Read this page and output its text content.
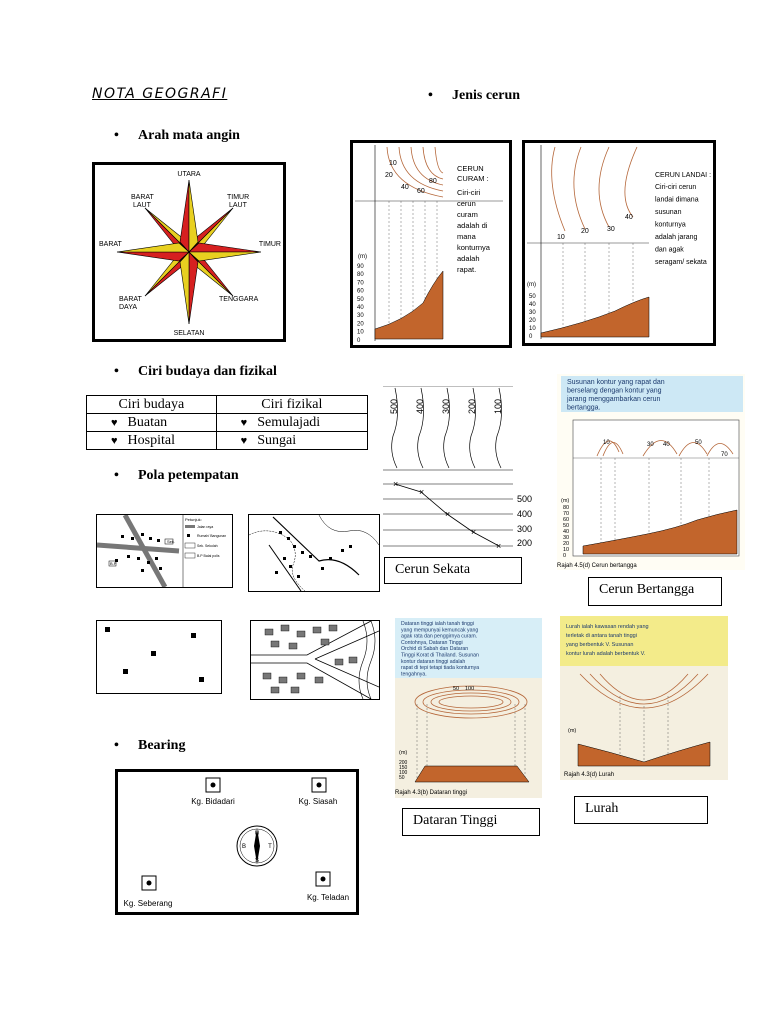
NOTA GEOGRAFI
• Arah mata angin
• Jenis cerun
• Ciri budaya dan fizikal
• Pola petempatan
• Bearing
UTARA
SELATAN
BARAT	TIMUR
BARAT
LAUT
TIMUR
LAUT
BARAT
DAYA
TENGGARA
10
20
40
60
80
(m)
90
80
70
60
50
40
30
20
10
0
CERUN
CURAM :
Ciri-ciri
cerun
curam
adalah di
mana
konturnya
adalah
rapat.
10
20	30
40
(m)
50
40
30
20
10
0
CERUN LANDAI :
Ciri-ciri cerun
landai dimana
susunan
konturnya
adalah jarang
dan agak
seragam/ sekata
Ciri budaya	Ciri fizikal
♥ Buatan	♥ Semulajadi
♥ Hospital	♥ Sungai
500 400 300 200 100
×
×
×
×
×
500
400
300
200
Cerun Sekata
Susunan kontur yang rapat dan
berselang dengan kontur yang
jarang menggambarkan cerun
bertangga.
10	30 40	50
70
(m)
80
70
60
50
40
30
20
10
0
Rajah 4.5(d) Cerun bertangga
Cerun Bertangga
Sek.
B.P
Petunjuk:
Jalan raya
Rumah/ Bangunan
Sek. Sekolah
B.P Balai polis
Dataran tinggi ialah tanah tinggi
yang mempunyai kemuncak yang
agak rata dan penggirnya curam.
Contohnya, Dataran Tinggi
Orchid di Sabah dan Dataran
Tinggi Korat di Thailand. Susunan
kontur dataran tinggi adalah
rapat di tepi tetapi tiada konturnya
tengahnya.
50 100
(m)
200
150
100
50
Rajah 4.3(b) Dataran tinggi
Dataran Tinggi
Lurah ialah kawasan rendah yang
terletak di antara tanah tinggi
yang berbentuk V. Susunan
kontur lurah adalah berbentuk V.
(m)
Rajah 4.3(d) Lurah
Lurah
Kg. Bidadari	Kg. Siasah
Kg. Seberang
Kg. Teladan
U
T
S
B
